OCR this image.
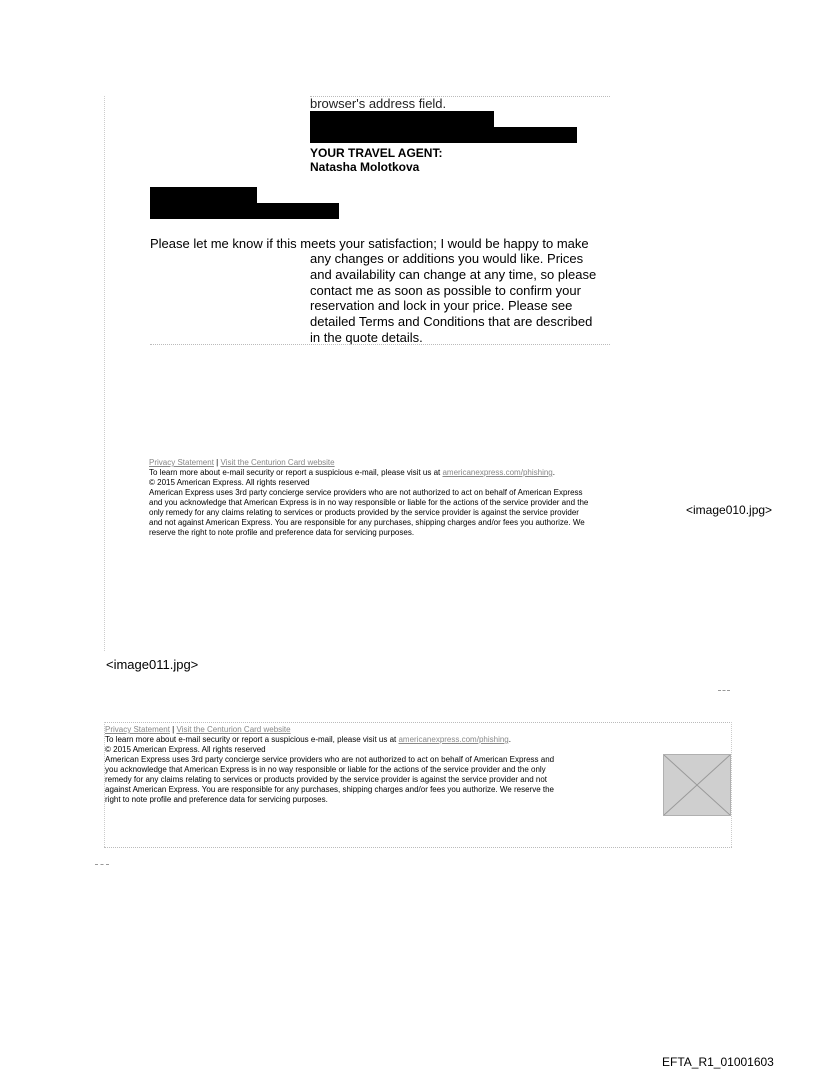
browser's address field.
YOUR TRAVEL AGENT:
Natasha Molotkova
Please let me know if this meets your satisfaction; I would be happy to make
any changes or additions you would like. Prices
and availability can change at any time, so please
contact me as soon as possible to confirm your
reservation and lock in your price. Please see
detailed Terms and Conditions that are described
in the quote details.

Privacy Statement | Visit the Centurion Card website

To learn more about e-mail security or report a suspicious e-mail, please visit us at americanexpress.com/phishing.

© 2015 American Express. All rights reserved

American Express uses 3rd party concierge service providers who are not authorized to act on behalf of American Express

and you acknowledge that American Express is in no way responsible or liable for the actions of the service provider and the

only remedy for any claims relating to services or products provided by the service provider is against the service provider

and not against American Express. You are responsible for any purchases, shipping charges and/or fees you authorize. We

reserve the right to note profile and preference data for servicing purposes.

<image010.jpg>
<image011.jpg>

Privacy Statement | Visit the Centurion Card website

To learn more about e-mail security or report a suspicious e-mail, please visit us at americanexpress.com/phishing.

© 2015 American Express. All rights reserved

American Express uses 3rd party concierge service providers who are not authorized to act on behalf of American Express and

you acknowledge that American Express is in no way responsible or liable for the actions of the service provider and the only

remedy for any claims relating to services or products provided by the service provider is against the service provider and not

against American Express. You are responsible for any purchases, shipping charges and/or fees you authorize. We reserve the

right to note profile and preference data for servicing purposes.

EFTA_R1_01001603
